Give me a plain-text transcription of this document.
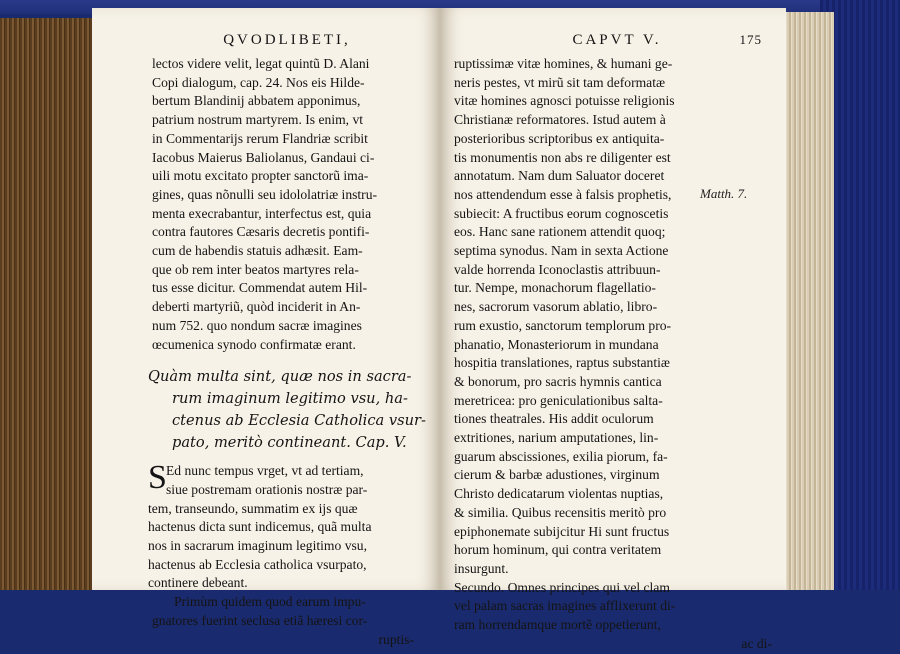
QVODLIBETI,
lectos videre velit, legat quintũ D. Alani
Copi dialogum, cap. 24. Nos eis Hilde-
bertum Blandinij abbatem apponimus,
patrium nostrum martyrem. Is enim, vt
in Commentarijs rerum Flandriæ scribit
Iacobus Maierus Baliolanus, Gandaui ci-
uili motu excitato propter sanctorũ ima-
gines, quas nõnulli seu idololatriæ instru-
menta execrabantur, interfectus est, quia
contra fautores Cæsaris decretis pontifi-
cum de habendis statuis adhæsit. Eam-
que ob rem inter beatos martyres rela-
tus esse dicitur. Commendat autem Hil-
deberti martyriũ, quòd inciderit in An-
num 752. quo nondum sacræ imagines
œcumenica synodo confirmatæ erant.
Quàm multa sint, quæ nos in sacra-
rum imaginum legitimo vsu, ha-
ctenus ab Ecclesia Catholica vsur-
pato, meritò contineant. Cap. V.
S Ed nunc tempus vrget, vt ad tertiam,
siue postremam orationis nostræ par-
tem, transeundo, summatim ex ijs quæ
hactenus dicta sunt indicemus, quã multa
nos in sacrarum imaginum legitimo vsu,
hactenus ab Ecclesia catholica vsurpato,
continere debeant.
Primùm quidem quod earum impu-
gnatores fuerint seclusa etiã hæresi cor-
ruptis-
CAPVT V.	175
ruptissimæ vitæ homines, & humani ge-
neris pestes, vt mirũ sit tam deformatæ
vitæ homines agnosci potuisse religionis
Christianæ reformatores. Istud autem à
posterioribus scriptoribus ex antiquita-
tis monumentis non abs re diligenter est
annotatum. Nam dum Saluator doceret
nos attendendum esse à falsis prophetis,
subiecit: A fructibus eorum cognoscetis
eos. Hanc sane rationem attendit quoq;
septima synodus. Nam in sexta Actione
valde horrenda Iconoclastis attribuun-
tur. Nempe, monachorum flagellatio-
nes, sacrorum vasorum ablatio, libro-
rum exustio, sanctorum templorum pro-
phanatio, Monasteriorum in mundana
hospitia translationes, raptus substantiæ
& bonorum, pro sacris hymnis cantica
meretricea: pro geniculationibus salta-
tiones theatrales. His addit oculorum
extritiones, narium amputationes, lin-
guarum abscissiones, exilia piorum, fa-
cierum & barbæ adustiones, virginum
Christo dedicatarum violentas nuptias,
& similia. Quibus recensitis meritò pro
epiphonemate subijcitur Hi sunt fructus
horum hominum, qui contra veritatem
insurgunt.
Secundo. Omnes principes qui vel clam
vel palam sacras imagines afflixerunt di-
ram horrendamque mortẽ oppetierunt,
ac di-
Matth. 7.
